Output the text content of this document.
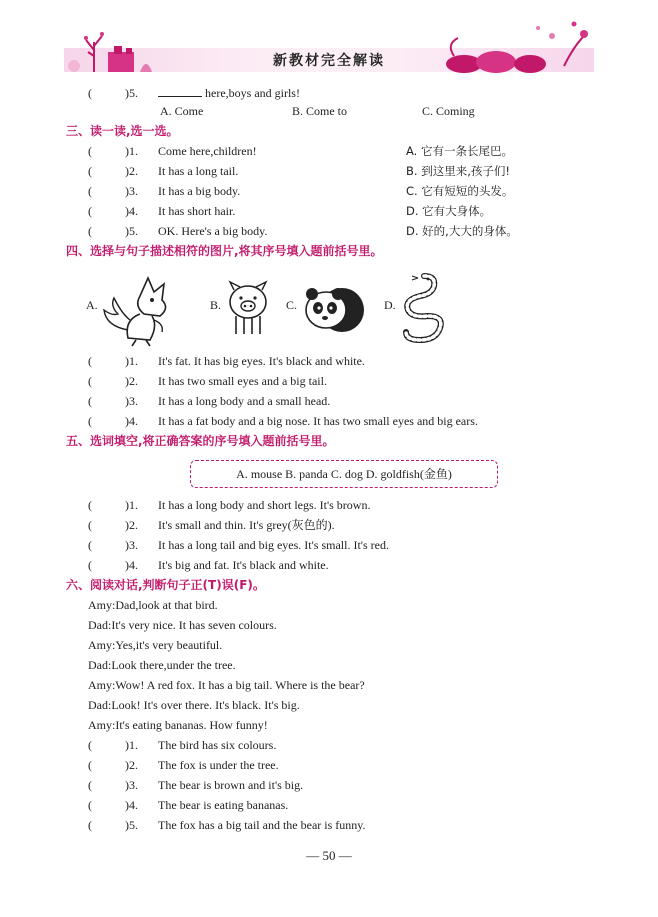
新教材完全解读
(	)5.	here,boys and girls!
A. Come	B. Come to	C. Coming
三、读一读,选一选。
(	)1. Come here,children!	A. 它有一条长尾巴。
(	)2. It has a long tail.	B. 到这里来,孩子们!
(	)3. It has a big body.	C. 它有短短的头发。
(	)4. It has short hair.	D. 它有大身体。
(	)5. OK. Here's a big body.	D. 好的,大大的身体。
四、选择与句子描述相符的图片,将其序号填入题前括号里。
A.	B.	C.	D.
(	)1. It's fat. It has big eyes. It's black and white.
(	)2. It has two small eyes and a big tail.
(	)3. It has a long body and a small head.
(	)4. It has a fat body and a big nose. It has two small eyes and big ears.
五、选词填空,将正确答案的序号填入题前括号里。
A. mouse B. panda C. dog D. goldfish(金鱼)
(	)1. It has a long body and short legs. It's brown.
(	)2. It's small and thin. It's grey(灰色的).
(	)3. It has a long tail and big eyes. It's small. It's red.
(	)4. It's big and fat. It's black and white.
六、阅读对话,判断句子正(T)误(F)。
Amy:Dad,look at that bird.
Dad:It's very nice. It has seven colours.
Amy:Yes,it's very beautiful.
Dad:Look there,under the tree.
Amy:Wow! A red fox. It has a big tail. Where is the bear?
Dad:Look! It's over there. It's black. It's big.
Amy:It's eating bananas. How funny!
(	)1. The bird has six colours.
(	)2. The fox is under the tree.
(	)3. The bear is brown and it's big.
(	)4. The bear is eating bananas.
(	)5. The fox has a big tail and the bear is funny.
— 50 —
